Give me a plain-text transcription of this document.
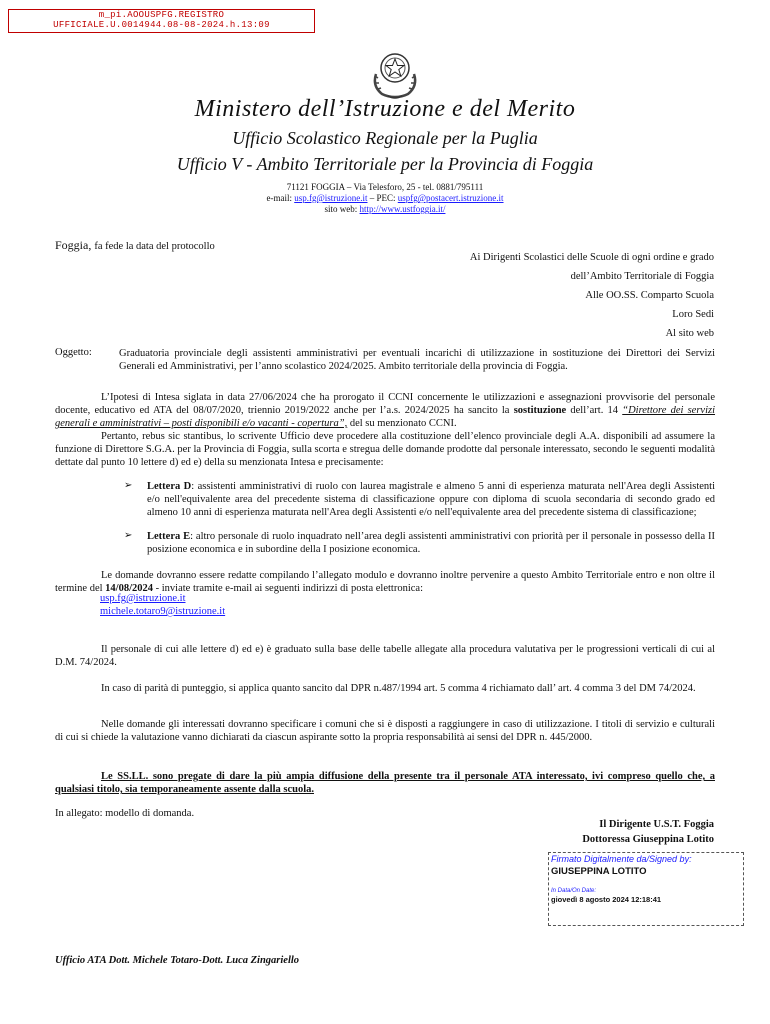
m_pi.AOOUSPFG.REGISTRO
UFFICIALE.U.0014944.08-08-2024.h.13:09
Ministero dell’Istruzione e del Merito
Ufficio Scolastico Regionale per la Puglia
Ufficio V - Ambito Territoriale per la Provincia di Foggia
71121 FOGGIA – Via Telesforo, 25 - tel. 0881/795111
e-mail: usp.fg@istruzione.it – PEC: uspfg@postacert.istruzione.it
sito web: http://www.ustfoggia.it/
Foggia, fa fede la data del protocollo
Ai Dirigenti Scolastici delle Scuole di ogni ordine e grado
dell’Ambito Territoriale di Foggia
Alle OO.SS. Comparto Scuola
Loro Sedi
Al sito web
Oggetto:	Graduatoria provinciale degli assistenti amministrativi per eventuali incarichi di utilizzazione in sostituzione dei Direttori dei Servizi Generali ed Amministrativi, per l’anno scolastico 2024/2025. Ambito territoriale della provincia di Foggia.
L’Ipotesi di Intesa siglata in data 27/06/2024 che ha prorogato il CCNI concernente le utilizzazioni e assegnazioni provvisorie del personale docente, educativo ed ATA del 08/07/2020, triennio 2019/2022 anche per l’a.s. 2024/2025 ha sancito la sostituzione dell’art. 14 “Direttore dei servizi generali e amministrativi – posti disponibili e/o vacanti - copertura”, del su menzionato CCNI.
Pertanto, rebus sic stantibus, lo scrivente Ufficio deve procedere alla costituzione dell’elenco provinciale degli A.A. disponibili ad assumere la funzione di Direttore S.G.A. per la Provincia di Foggia, sulla scorta e stregua delle domande prodotte dal personale interessato, secondo le seguenti modalità dettate dal punto 10 lettere d) ed e) della su menzionata Intesa e precisamente:
➢	Lettera D: assistenti amministrativi di ruolo con laurea magistrale e almeno 5 anni di esperienza maturata nell'Area degli Assistenti e/o nell'equivalente area del precedente sistema di classificazione oppure con diploma di scuola secondaria di secondo grado ed almeno 10 anni di esperienza maturata nell'Area degli Assistenti e/o nell'equivalente area del precedente sistema di classificazione;
➢	Lettera E: altro personale di ruolo inquadrato nell’area degli assistenti amministrativi con priorità per il personale in possesso della II posizione economica e in subordine della I posizione economica.
Le domande dovranno essere redatte compilando l’allegato modulo e dovranno inoltre pervenire a questo Ambito Territoriale entro e non oltre il termine del 14/08/2024 - inviate tramite e-mail ai seguenti indirizzi di posta elettronica:
usp.fg@istruzione.it
michele.totaro9@istruzione.it
Il personale di cui alle lettere d) ed e) è graduato sulla base delle tabelle allegate alla procedura valutativa per le progressioni verticali di cui al D.M. 74/2024.
In caso di parità di punteggio, si applica quanto sancito dal DPR n.487/1994 art. 5 comma 4 richiamato dall’ art. 4 comma 3 del DM 74/2024.
Nelle domande gli interessati dovranno specificare i comuni che si è disposti a raggiungere in caso di utilizzazione. I titoli di servizio e culturali di cui si chiede la valutazione vanno dichiarati da ciascun aspirante sotto la propria responsabilità ai sensi del DPR n. 445/2000.
Le SS.LL. sono pregate di dare la più ampia diffusione della presente tra il personale ATA interessato, ivi compreso quello che, a qualsiasi titolo, sia temporaneamente assente dalla scuola.
In allegato: modello di domanda.
Il Dirigente U.S.T. Foggia
Dottoressa Giuseppina Lotito
Firmato Digitalmente da/Signed by:
GIUSEPPINA LOTITO
In Data/On Date:
giovedì 8 agosto 2024 12:18:41
Ufficio ATA Dott. Michele Totaro-Dott. Luca Zingariello
